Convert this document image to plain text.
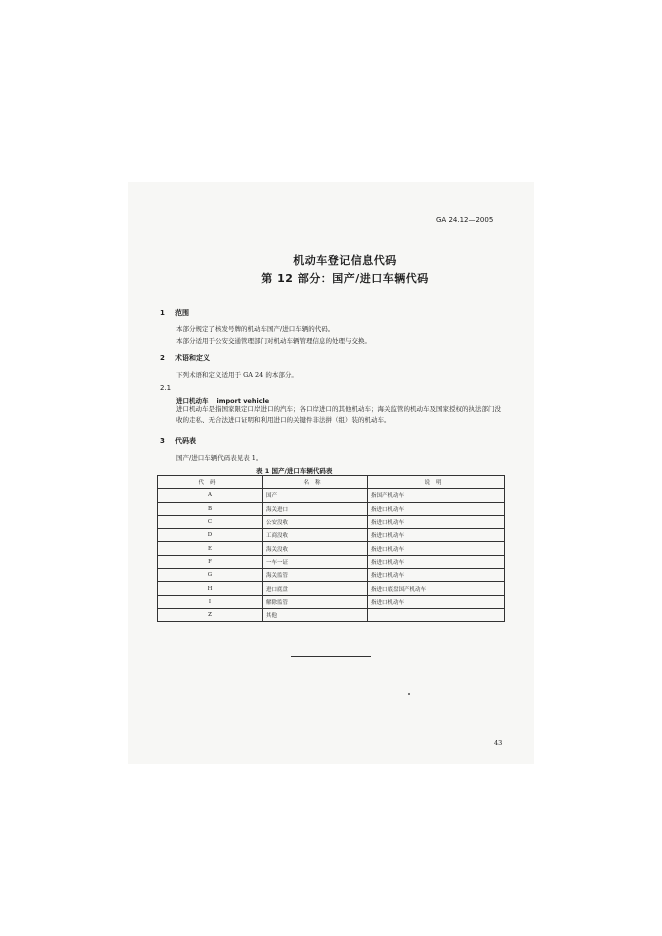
GA 24.12—2005
机动车登记信息代码
第 12 部分：国产/进口车辆代码
1 范围
本部分规定了核发号牌的机动车国产/进口车辆的代码。
本部分适用于公安交通管理部门对机动车辆管理信息的处理与交换。
2 术语和定义
下列术语和定义适用于 GA 24 的本部分。
2.1
进口机动车 import vehicle
进口机动车是指国家限定口岸进口的汽车；各口岸进口的其他机动车；海关监管的机动车及国家授权的执法部门没收的走私、无合法进口证明和利用进口的关键件非法拼（组）装的机动车。
3 代码表
国产/进口车辆代码表见表 1。
表 1 国产/进口车辆代码表
代码	名称	说明
A	国产	指国产机动车
B	海关进口	指进口机动车
C	公安没收	指进口机动车
D	工商没收	指进口机动车
E	海关没收	指进口机动车
F	一车一证	指进口机动车
G	海关监管	指进口机动车
H	进口底盘	指进口底盘国产机动车
I	解除监管	指进口机动车
Z	其他	
43
